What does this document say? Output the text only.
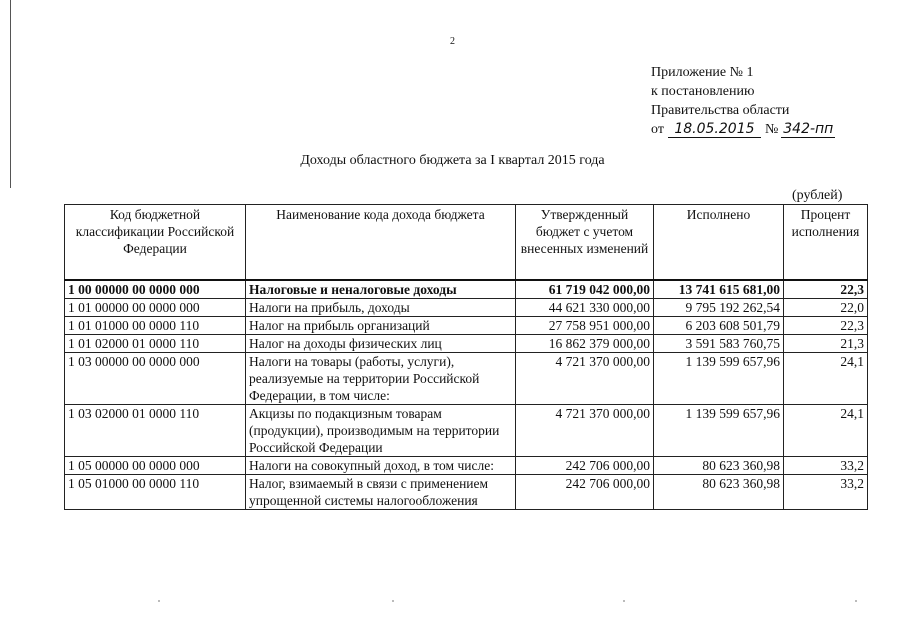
2
Приложение № 1
к постановлению
Правительства области
от 18.05.2015 № 342-пп
Доходы областного бюджета за I квартал 2015 года
(рублей)
Код бюджетной классификации Российской Федерации	Наименование кода дохода бюджета	Утвержденный бюджет с учетом внесенных изменений	Исполнено	Процент исполнения
1 00 00000 00 0000 000	Налоговые и неналоговые доходы	61 719 042 000,00	13 741 615 681,00	22,3
1 01 00000 00 0000 000	Налоги на прибыль, доходы	44 621 330 000,00	9 795 192 262,54	22,0
1 01 01000 00 0000 110	Налог на прибыль организаций	27 758 951 000,00	6 203 608 501,79	22,3
1 01 02000 01 0000 110	Налог на доходы физических лиц	16 862 379 000,00	3 591 583 760,75	21,3
1 03 00000 00 0000 000	Налоги на товары (работы, услуги), реализуемые на территории Российской Федерации, в том числе:	4 721 370 000,00	1 139 599 657,96	24,1
1 03 02000 01 0000 110	Акцизы по подакцизным товарам (продукции), производимым на территории Российской Федерации	4 721 370 000,00	1 139 599 657,96	24,1
1 05 00000 00 0000 000	Налоги на совокупный доход, в том числе:	242 706 000,00	80 623 360,98	33,2
1 05 01000 00 0000 110	Налог, взимаемый в связи с применением упрощенной системы налогообложения	242 706 000,00	80 623 360,98	33,2
